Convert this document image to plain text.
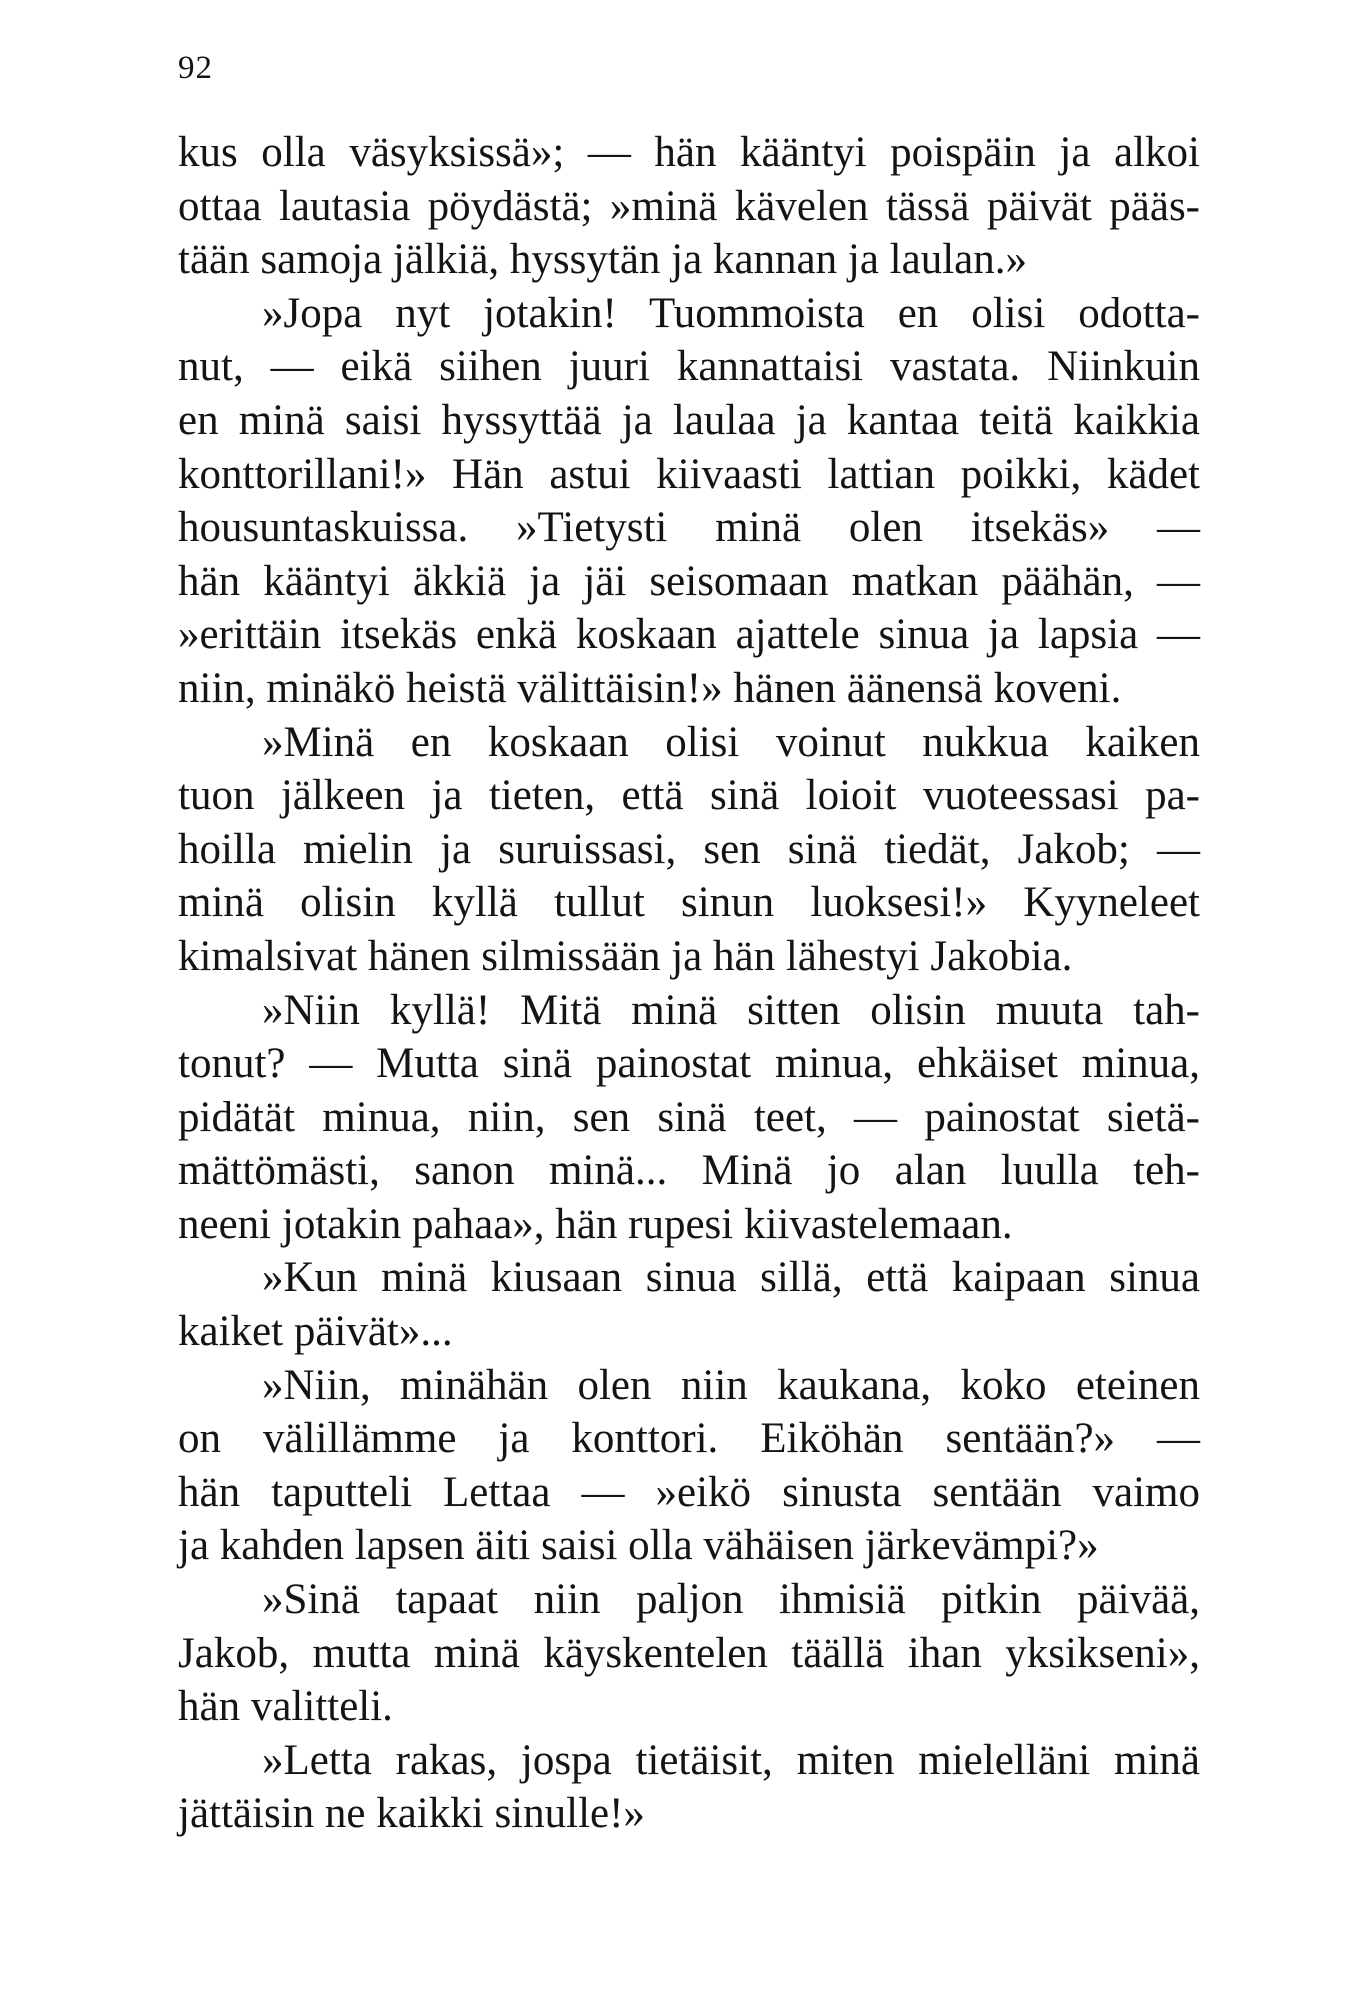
92
kus olla väsyksissä»; — hän kääntyi poispäin ja alkoi
ottaa lautasia pöydästä; »minä kävelen tässä päivät pääs-
tään samoja jälkiä, hyssytän ja kannan ja laulan.»
»Jopa nyt jotakin! Tuommoista en olisi odotta-
nut, — eikä siihen juuri kannattaisi vastata. Niinkuin
en minä saisi hyssyttää ja laulaa ja kantaa teitä kaikkia
konttorillani!» Hän astui kiivaasti lattian poikki, kädet
housuntaskuissa. »Tietysti minä olen itsekäs» —
hän kääntyi äkkiä ja jäi seisomaan matkan päähän, —
»erittäin itsekäs enkä koskaan ajattele sinua ja lapsia —
niin, minäkö heistä välittäisin!» hänen äänensä koveni.
»Minä en koskaan olisi voinut nukkua kaiken
tuon jälkeen ja tieten, että sinä loioit vuoteessasi pa-
hoilla mielin ja suruissasi, sen sinä tiedät, Jakob; —
minä olisin kyllä tullut sinun luoksesi!» Kyyneleet
kimalsivat hänen silmissään ja hän lähestyi Jakobia.
»Niin kyllä! Mitä minä sitten olisin muuta tah-
tonut? — Mutta sinä painostat minua, ehkäiset minua,
pidätät minua, niin, sen sinä teet, — painostat sietä-
mättömästi, sanon minä... Minä jo alan luulla teh-
neeni jotakin pahaa», hän rupesi kiivastelemaan.
»Kun minä kiusaan sinua sillä, että kaipaan sinua
kaiket päivät»...
»Niin, minähän olen niin kaukana, koko eteinen
on välillämme ja konttori. Eiköhän sentään?» —
hän taputteli Lettaa — »eikö sinusta sentään vaimo
ja kahden lapsen äiti saisi olla vähäisen järkevämpi?»
»Sinä tapaat niin paljon ihmisiä pitkin päivää,
Jakob, mutta minä käyskentelen täällä ihan yksikseni»,
hän valitteli.
»Letta rakas, jospa tietäisit, miten mielelläni minä
jättäisin ne kaikki sinulle!»
